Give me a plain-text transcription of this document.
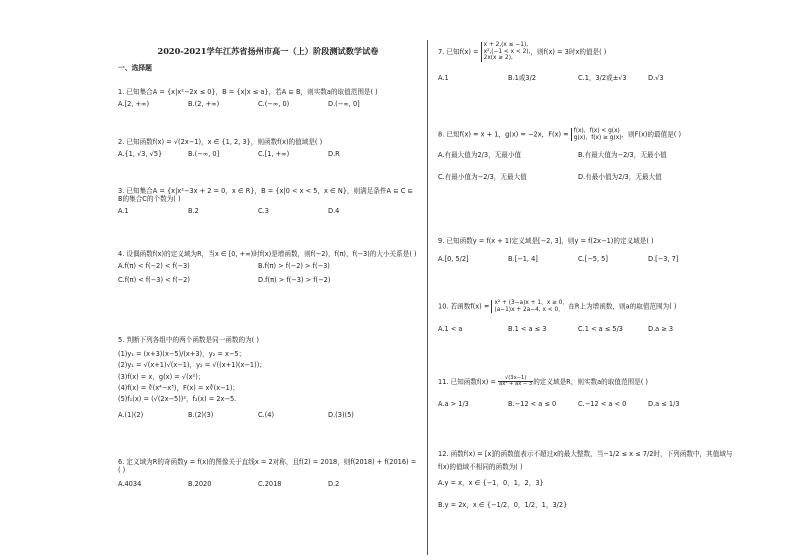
2020-2021学年江苏省扬州市高一（上）阶段测试数学试卷
一、选择题
1. 已知集合A = {x|x²−2x ≤ 0}，B = {x|x ≤ a}，若A ⊆ B，则实数a的取值范围是( )
A.[2, +∞)	B.(2, +∞)	C.(−∞, 0)	D.(−∞, 0]
2. 已知函数f(x) = √(2x−1)，x ∈ {1, 2, 3}，则函数f(x)的值域是( )
A.{1, √3, √5}	B.(−∞, 0]	C.[1, +∞)	D.R
3. 已知集合A = {x|x²−3x + 2 = 0，x ∈ R}，B = {x|0 < x < 5，x ∈ N}，则满足条件A ⊆ C ⊆ B的集合C的个数为( )
A.1	B.2	C.3	D.4
4. 设偶函数f(x)的定义域为R，当x ∈ [0, +∞)时f(x)是增函数，则f(−2)，f(π)，f(−3)的大小关系是( )
A.f(π) < f(−2) < f(−3)	B.f(π) > f(−2) > f(−3)
C.f(π) < f(−3) < f(−2)	D.f(π) > f(−3) > f(−2)
5. 判断下列各组中的两个函数是同一函数的为( )
(1)y₁ = (x+3)(x−5)/(x+3)，y₂ = x−5；
(2)y₁ = √(x+1)√(x−1)，y₂ = √((x+1)(x−1))；
(3)f(x) = x，g(x) = √(x²)；
(4)f(x) = ∛(x⁴−x³)，F(x) = x∛(x−1)；
(5)f₁(x) = (√(2x−5))²，f₂(x) = 2x−5.
A.(1)(2)	B.(2)(3)	C.(4)	D.(3)(5)
6. 定义域为R的奇函数y = f(x)的图像关于直线x = 2对称，且f(2) = 2018，则f(2018) + f(2016) = ( )
A.4034	B.2020	C.2018	D.2
7. 已知f(x) =
x + 2,(x ≤ −1),
x²,(−1 < x < 2),
2x(x ≥ 2),
，则f(x) = 3时x的值是( )
A.1	B.1或3/2	C.1，3/2或±√3	D.√3
8. 已知f(x) = x + 1，g(x) = −2x，F(x) = f(x)，f(x) < g(x)
g(x)，f(x) ≥ g(x) ，则F(x)的最值是( )
A.有最大值为2/3，无最小值	B.有最大值为−2/3，无最小值
C.有最小值为−2/3，无最大值	D.有最小值为2/3，无最大值
9. 已知函数y = f(x + 1)定义域是[−2, 3]，则y = f(2x−1)的定义域是( )
A.[0, 5/2]	B.[−1, 4]	C.[−5, 5]	D.[−3, 7]
10. 若函数f(x) = x² + (3−a)x + 1，x ≥ 0，
(a−1)x + 2a−4, x < 0， 在R上为增函数，则a的取值范围为( )
A.1 < a	B.1 < a ≤ 3	C.1 < a ≤ 5/3	D.a ≥ 3
11. 已知函数$f(x) = \frac{√(3x-1)}{\text{ax² + ax − 3}}$ 的定义域是R，则实数a的取值范围是( )
A.a > 1/3	B.−12 < a ≤ 0	C.−12 < a < 0	D.a ≤ 1/3
12. 函数f(x) = [x]的函数值表示不超过x的最大整数，当−1/2 ≤ x ≤ 7/2时，下列函数中，其值域与f(x)的值域不相同的函数为( )
A.y = x，x ∈ {−1，0，1，2，3}
B.y = 2x，x ∈ {−1/2，0，1/2，1，3/2}
